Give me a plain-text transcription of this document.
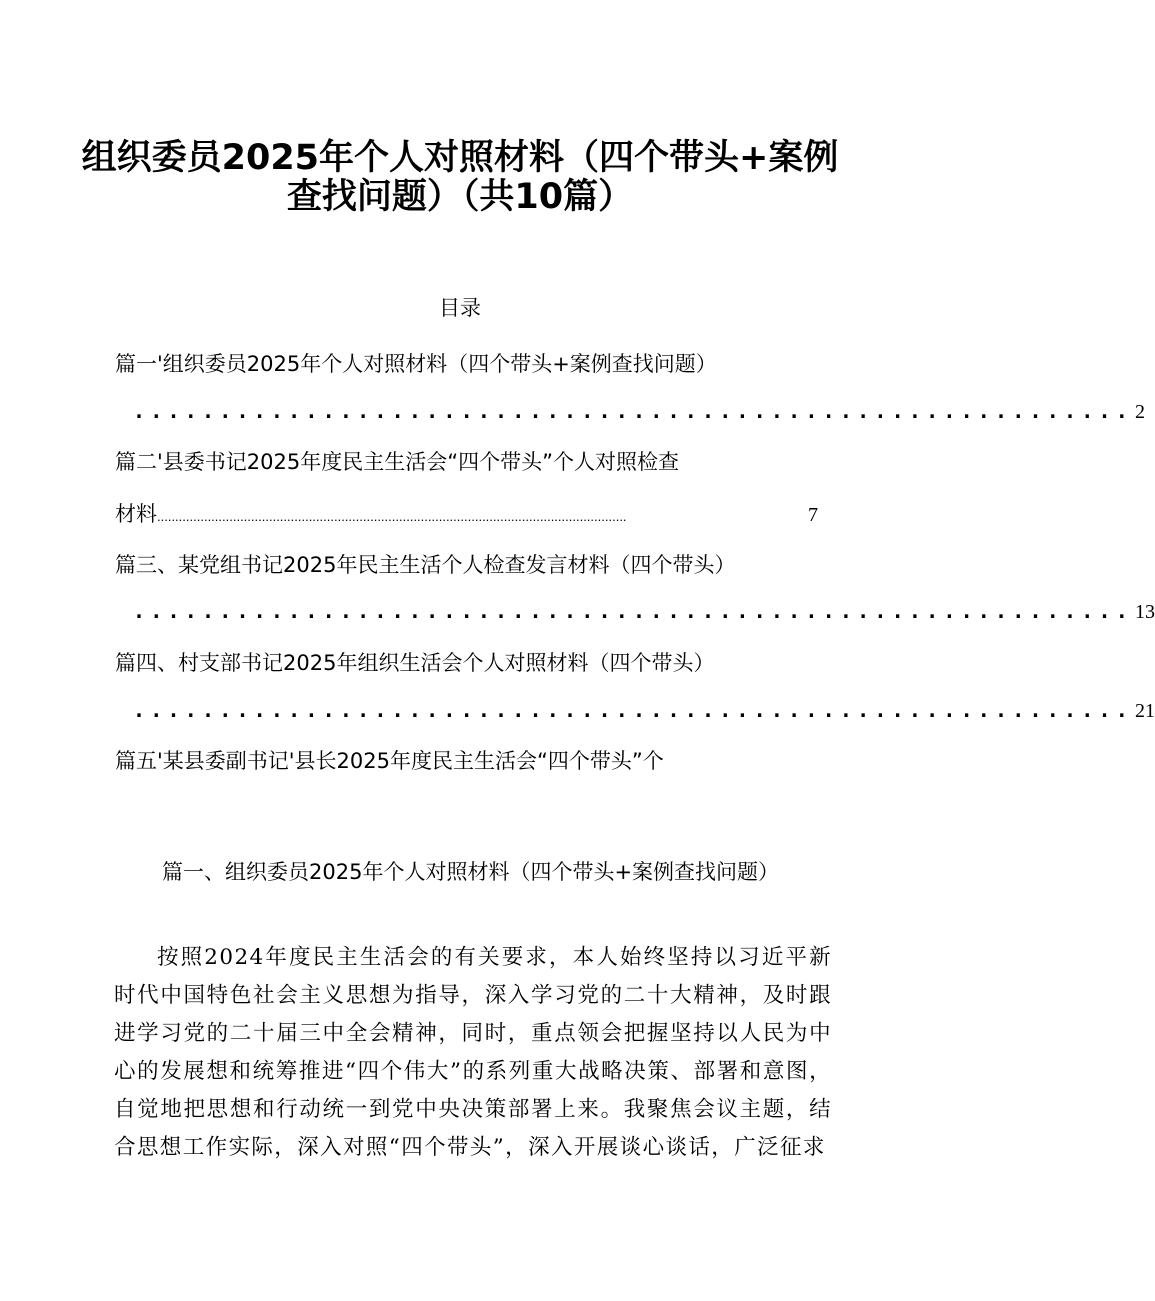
组织委员2025年个人对照材料（四个带头+案例
查找问题）（共10篇）
目录
篇一'组织委员2025年个人对照材料（四个带头+案例查找问题）
.......................................................... 2
篇二'县委书记2025年度民主生活会“四个带头”个人对照检查
材料 ..................................................................................................................................	7
篇三、某党组书记2025年民主生活个人检查发言材料（四个带头）
.......................................................... 13
篇四、村支部书记2025年组织生活会个人对照材料（四个带头）
.......................................................... 21
篇五'某县委副书记'县长2025年度民主生活会“四个带头”个
篇一、组织委员2025年个人对照材料（四个带头+案例查找问题）
按照2024年度民主生活会的有关要求，本人始终坚持以习近平新时代中国特色社会主义思想为指导，深入学习党的二十大精神，及时跟进学习党的二十届三中全会精神，同时，重点领会把握坚持以人民为中心的发展想和统筹推进“四个伟大”的系列重大战略决策、部署和意图，自觉地把思想和行动统一到党中央决策部署上来。我聚焦会议主题，结合思想工作实际，深入对照“四个带头”，深入开展谈心谈话，广泛征求
